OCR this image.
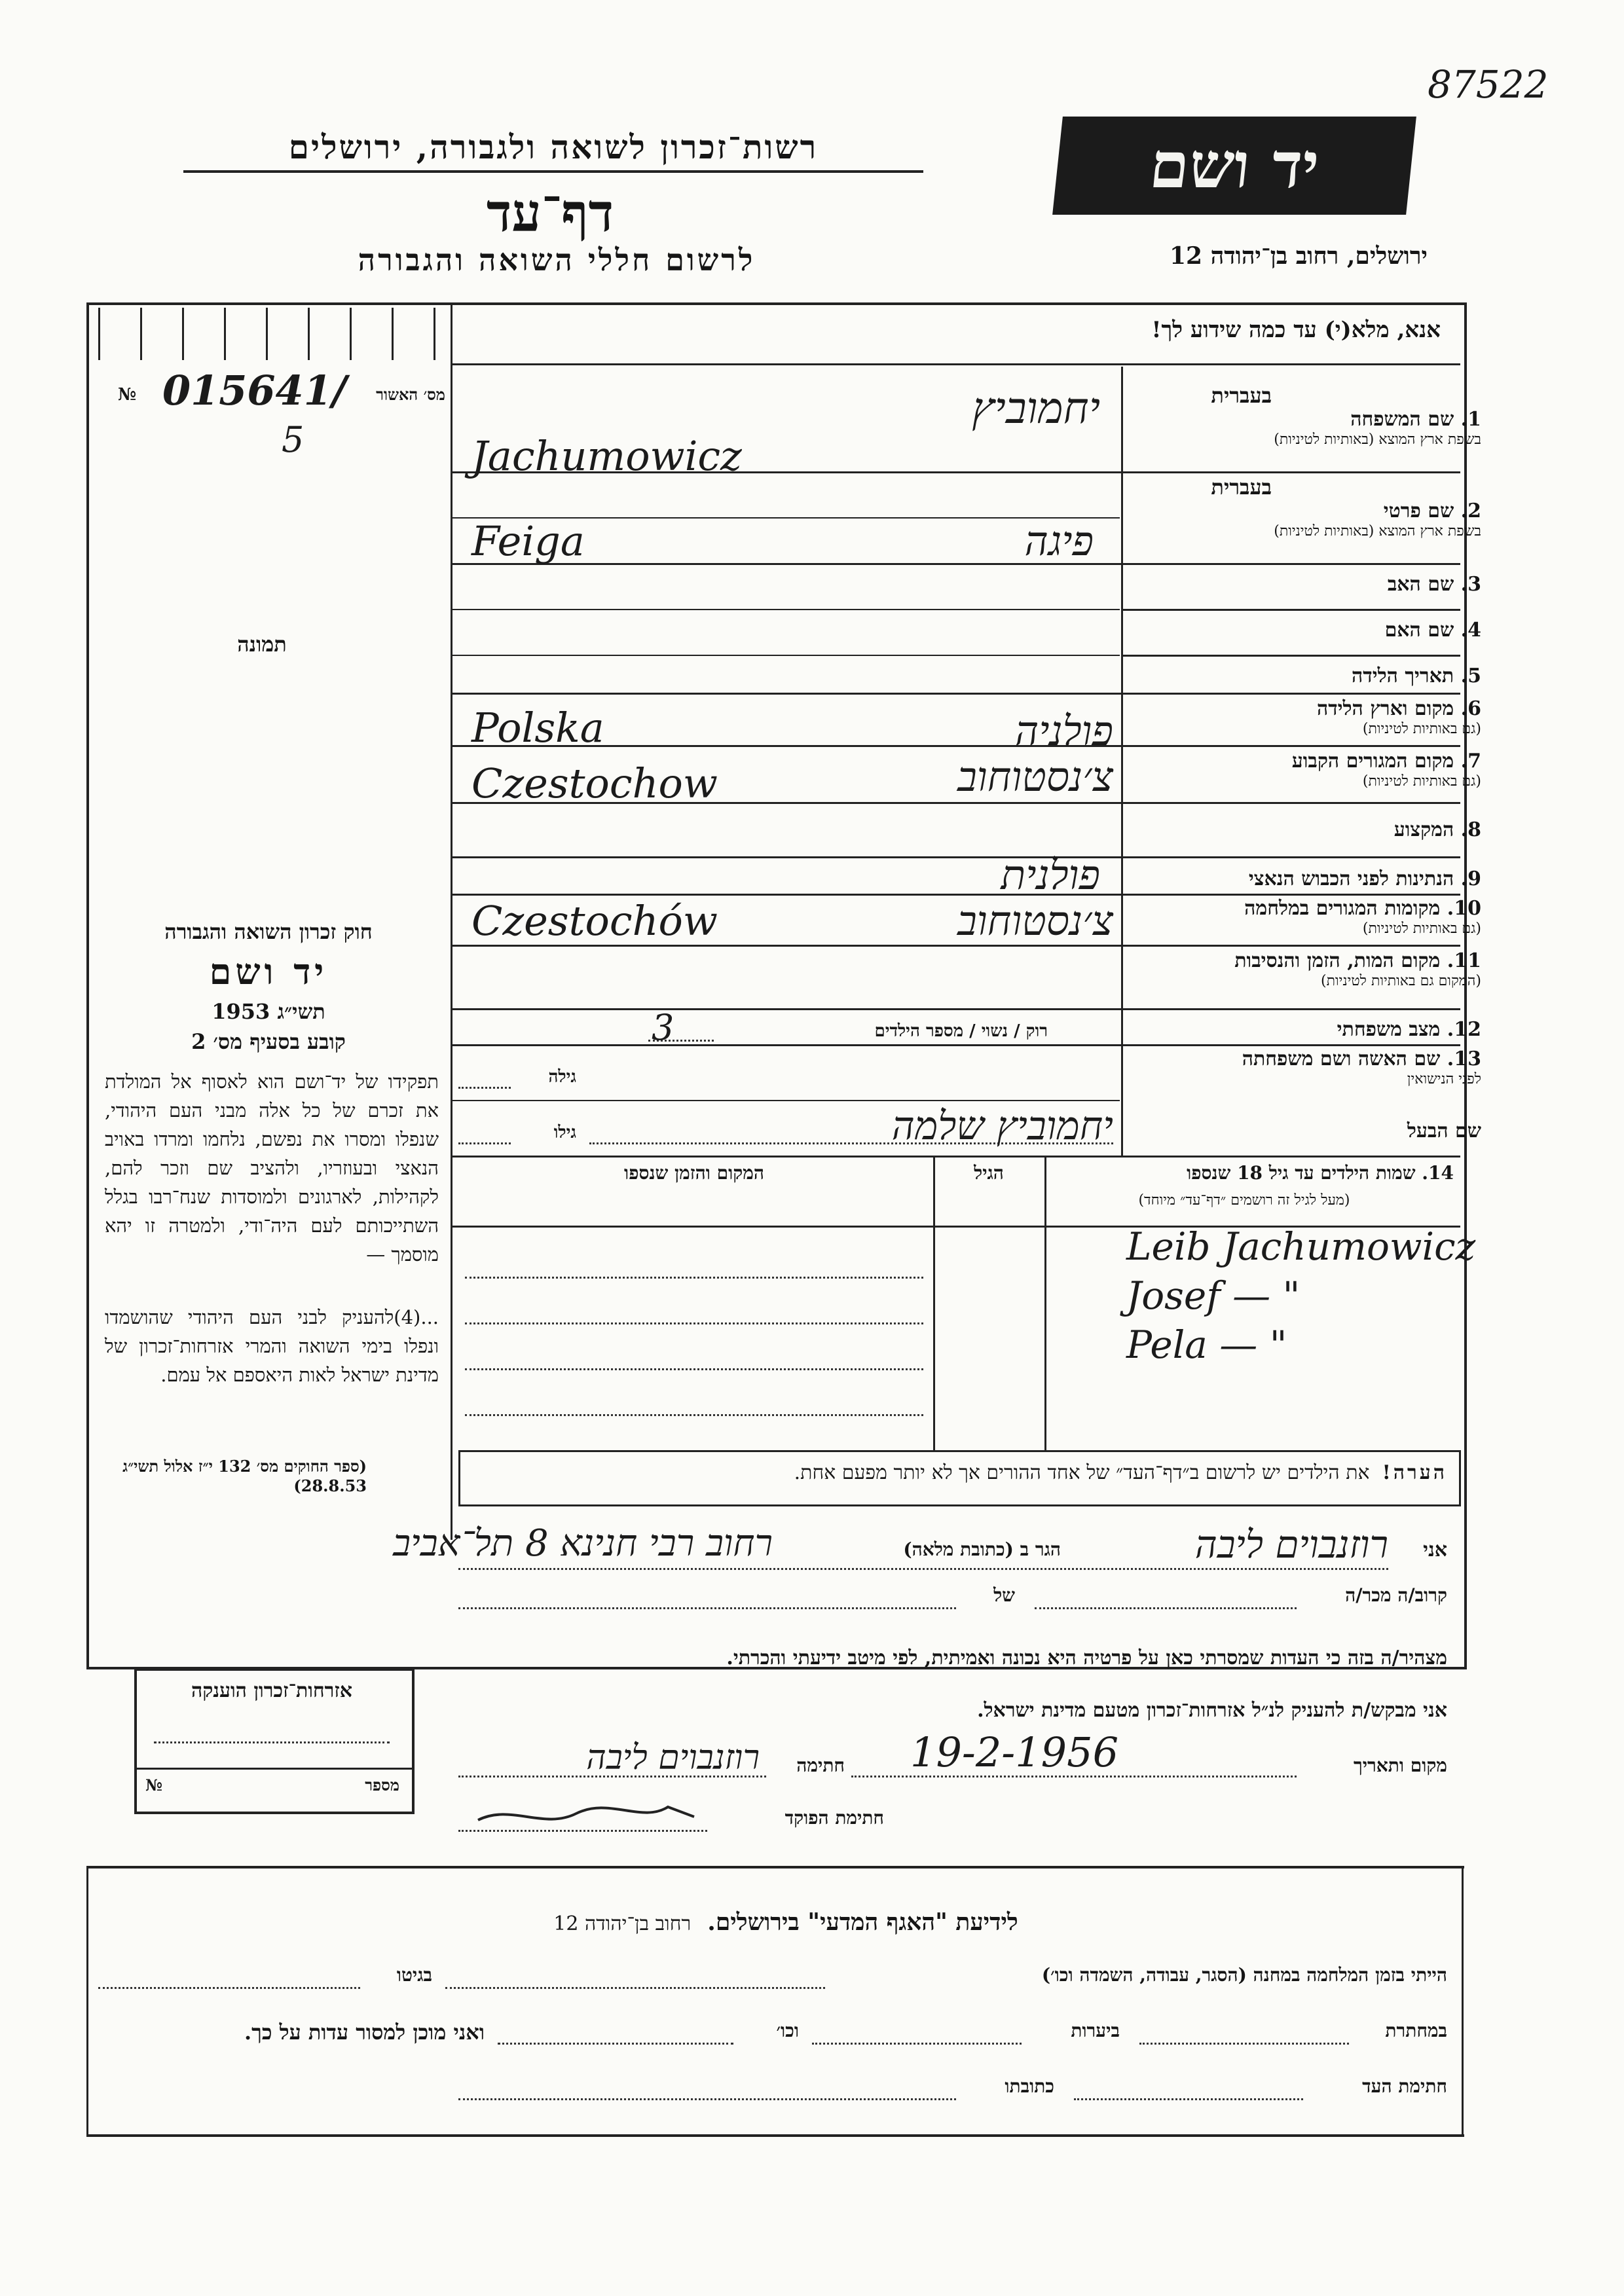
87522
רשות־זכרון לשואה ולגבורה, ירושלים
דף־עד
לרשום חללי השואה והגבורה
יד ושם
ירושלים, רחוב בן־יהודה 12
אנא, מלא(י) עד כמה שידוע לך!
מס׳ האשור
№ 015641/
5
תמונה
חוק זכרון השואה והגבורה
יד ושם
תשי״ג 1953
קובע בסעיף מס׳ 2
תפקידו של יד־ושם הוא לאסוף אל המולדת את זכרם של כל אלה מבני העם היהודי, שנפלו ומסרו את נפשם, נלחמו ומרדו באויב הנאצי ובעוזריו, ולהציב שם וזכר להם, לקהילות, לארגונים ולמוסדות שנח־רבו בגלל השתייכותם לעם היה־ודי, ולמטרה זו יהא מוסמך —
...(4)להעניק לבני העם היהודי שהושמדו ונפלו בימי השואה והמרי אזרחות־זכרון של מדינת ישראל לאות היאספם אל עמם.
(ספר החוקים מס׳ 132 י״ז אלול תשי״ג 28.8.53)
בעברית
1. שם המשפחה
בשפת ארץ המוצא (באותיות לטיניות)
בעברית
2. שם פרטי
בשפת ארץ המוצא (באותיות לטיניות)
3. שם האב
4. שם האם
5. תאריך הלידה
6. מקום וארץ הלידה
(גם באותיות לטיניות)
7. מקום המגורים הקבוע
(גם באותיות לטיניות)
8. המקצוע
9. הנתינות לפני הכבוש הנאצי
10. מקומות המגורים במלחמה
(גם באותיות לטיניות)
11. מקום המות, הזמן והנסיבות
(המקום גם באותיות לטיניות)
12. מצב משפחתי
13. שם האשה ושם משפחתה
לפני הנישואין
שם הבעל
יחמוביץ
Jachumowicz
פיגה
Feiga
פולניה
Polska
צ׳נסטוחוב
Czestochow
פולנית
צ׳נסטוחוב
Czestochów
רוק / נשוי / מספר הילדים
3
גילה
גילו	יחמוביץ שלמה
14. שמות הילדים עד גיל 18 שנספו
(מעל לגיל זה רושמים ״דף־עד״ מיוחד)
הגיל
המקום והזמן שנספו
Leib Jachumowicz
Josef — "
Pela — "
הערה!  את הילדים יש לרשום ב״דף־העד״ של אחד ההורים אך לא יותר מפעם אחת.
אני
רוזנבוים ליבה
הגר ב (כתובת מלאה)
רחוב רבי חנינא 8 תל־אביב
קרוב/ה מכר/ה
של
מצהיר/ה בזה כי העדות שמסרתי כאן על פרטיה היא נכונה ואמיתית, לפי מיטב ידיעתי והכרתי.
אני מבקש/ת להעניק לנ״ל אזרחות־זכרון מטעם מדינת ישראל.
מקום ותאריך
19-2-1956
חתימה
רוזנבוים ליבה
חתימת הפוקד
אזרחות־זכרון הוענקה
מספר
№
לידיעת "האגף המדעי" בירושלים.  רחוב בן־יהודה 12
הייתי בזמן המלחמה במחנה (הסגר, עבודה, השמדה וכו׳)
בגיטו
במחתרת
ביערות
וכו׳
ואני מוכן למסור עדות על כך.
חתימת העד
כתובתו
